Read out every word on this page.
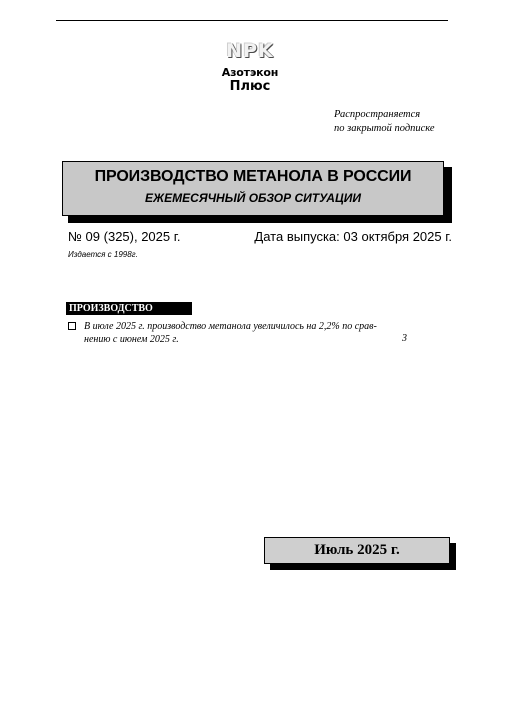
NPK
Азотэкон
Плюс
Распространяется
по закрытой подписке
ПРОИЗВОДСТВО МЕТАНОЛА В РОССИИ
ЕЖЕМЕСЯЧНЫЙ ОБЗОР СИТУАЦИИ
№ 09 (325), 2025 г.	Дата выпуска: 03 октября 2025 г.
Издается с 1998г.
ПРОИЗВОДСТВО
В июле 2025 г. производство метанола увеличилось на 2,2% по срав-
нению с июнем 2025 г.	3
Июль 2025 г.
